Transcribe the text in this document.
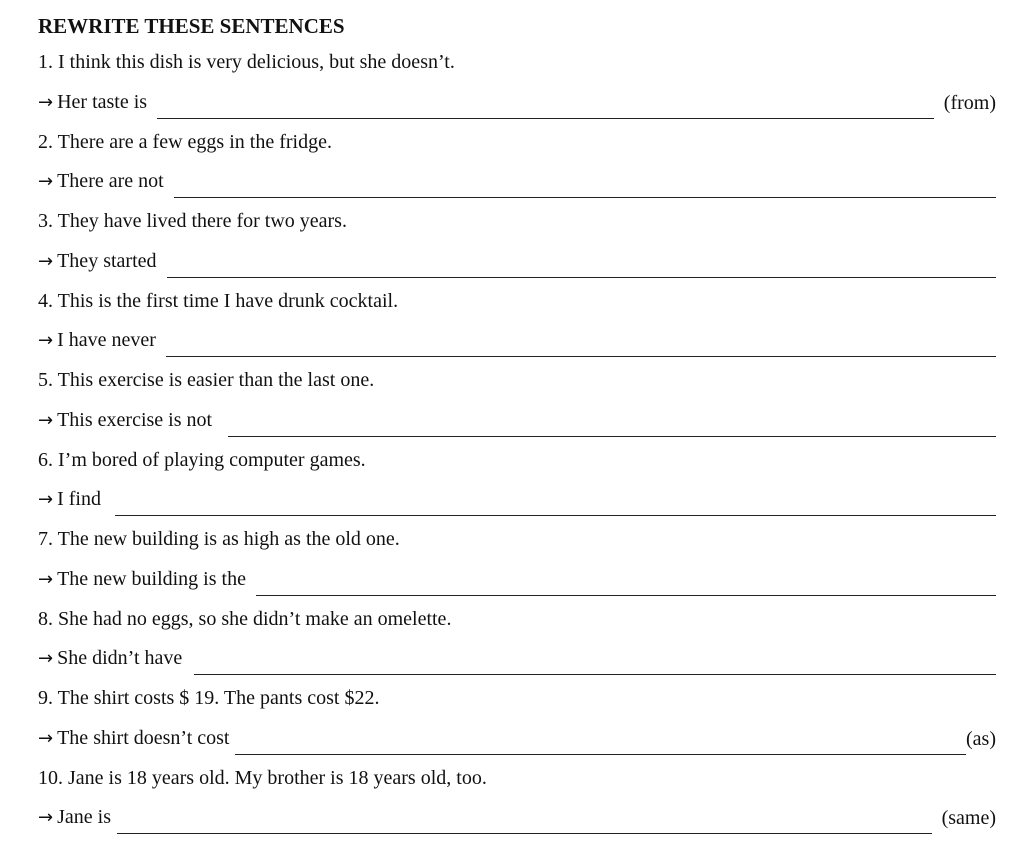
REWRITE THESE SENTENCES
1. I think this dish is very delicious, but she doesn’t.
→ Her taste is	(from)
2. There are a few eggs in the fridge.
→ There are not
3. They have lived there for two years.
→ They started
4. This is the first time I have drunk cocktail.
→ I have never
5. This exercise is easier than the last one.
→ This exercise is not
6. I’m bored of playing computer games.
→ I find
7. The new building is as high as the old one.
→ The new building is the
8. She had no eggs, so she didn’t make an omelette.
→ She didn’t have
9. The shirt costs $ 19. The pants cost $22.
→ The shirt doesn’t cost	(as)
10. Jane is 18 years old. My brother is 18 years old, too.
→ Jane is	(same)
